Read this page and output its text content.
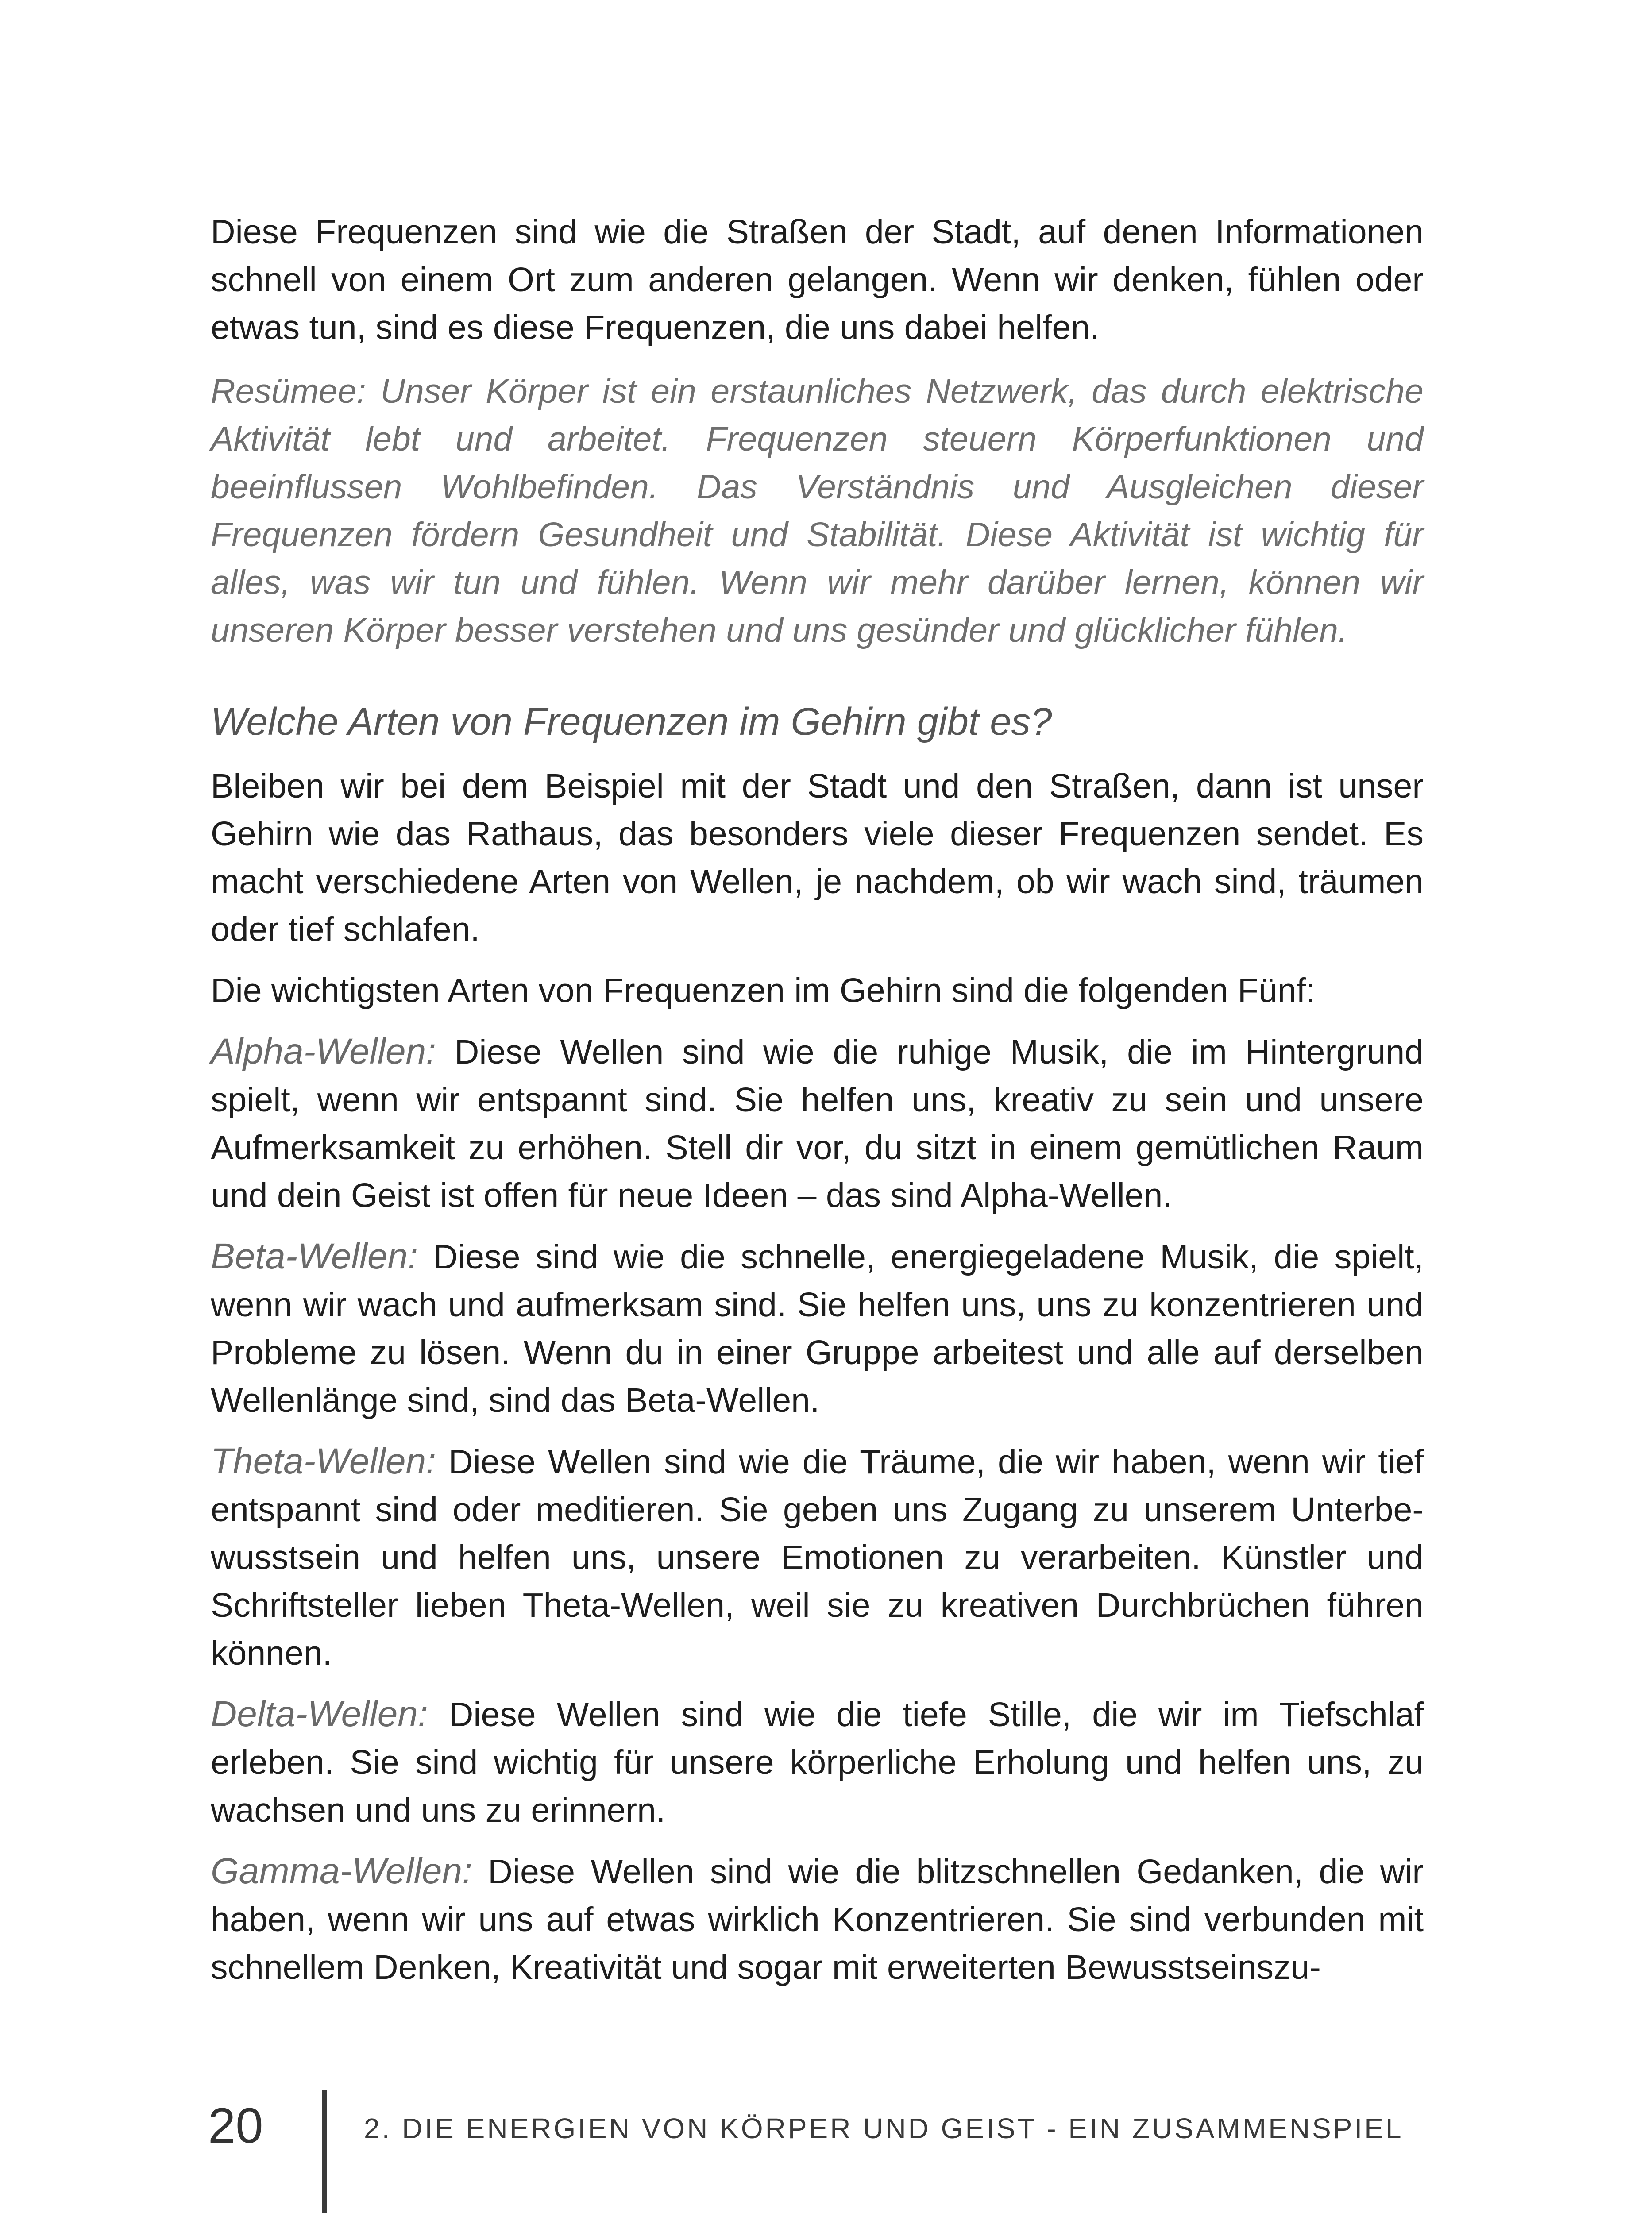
Diese Frequenzen sind wie die Straßen der Stadt, auf denen Informationen schnell von einem Ort zum anderen gelangen. Wenn wir denken, fühlen oder etwas tun, sind es diese Frequenzen, die uns dabei helfen.

Resümee: Unser Körper ist ein erstaunliches Netzwerk, das durch elektrische Aktivität lebt und arbeitet. Frequenzen steuern Körperfunktionen und beeinflussen Wohlbefinden. Das Verständnis und Ausgleichen dieser Frequenzen fördern Gesundheit und Stabilität. Diese Aktivität ist wichtig für alles, was wir tun und fühlen. Wenn wir mehr darüber lernen, können wir unseren Körper besser verstehen und uns gesünder und glücklicher fühlen.

Welche Arten von Frequenzen im Gehirn gibt es?

Bleiben wir bei dem Beispiel mit der Stadt und den Straßen, dann ist unser Gehirn wie das Rathaus, das besonders viele dieser Frequenzen sendet. Es macht verschiedene Arten von Wellen, je nachdem, ob wir wach sind, träumen oder tief schlafen.

Die wichtigsten Arten von Frequenzen im Gehirn sind die folgenden Fünf:

Alpha-Wellen: Diese Wellen sind wie die ruhige Musik, die im Hintergrund spielt, wenn wir entspannt sind. Sie helfen uns, kreativ zu sein und unsere Aufmerksamkeit zu erhöhen. Stell dir vor, du sitzt in einem gemütlichen Raum und dein Geist ist offen für neue Ideen – das sind Alpha-Wellen.

Beta-Wellen: Diese sind wie die schnelle, energiegeladene Musik, die spielt, wenn wir wach und aufmerksam sind. Sie helfen uns, uns zu konzentrieren und Probleme zu lösen. Wenn du in einer Gruppe arbeitest und alle auf derselben Wellenlänge sind, sind das Beta-Wellen.

Theta-Wellen: Diese Wellen sind wie die Träume, die wir haben, wenn wir tief entspannt sind oder meditieren. Sie geben uns Zugang zu unserem Unterbewusstsein und helfen uns, unsere Emotionen zu verarbeiten. Künstler und Schriftsteller lieben Theta-Wellen, weil sie zu kreativen Durchbrüchen führen können.

Delta-Wellen: Diese Wellen sind wie die tiefe Stille, die wir im Tiefschlaf erleben. Sie sind wichtig für unsere körperliche Erholung und helfen uns, zu wachsen und uns zu erinnern.

Gamma-Wellen: Diese Wellen sind wie die blitzschnellen Gedanken, die wir haben, wenn wir uns auf etwas wirklich Konzentrieren. Sie sind verbunden mit schnellem Denken, Kreativität und sogar mit erweiterten Bewusstseinszu-

20	2. DIE ENERGIEN VON KÖRPER UND GEIST - EIN ZUSAMMENSPIEL
